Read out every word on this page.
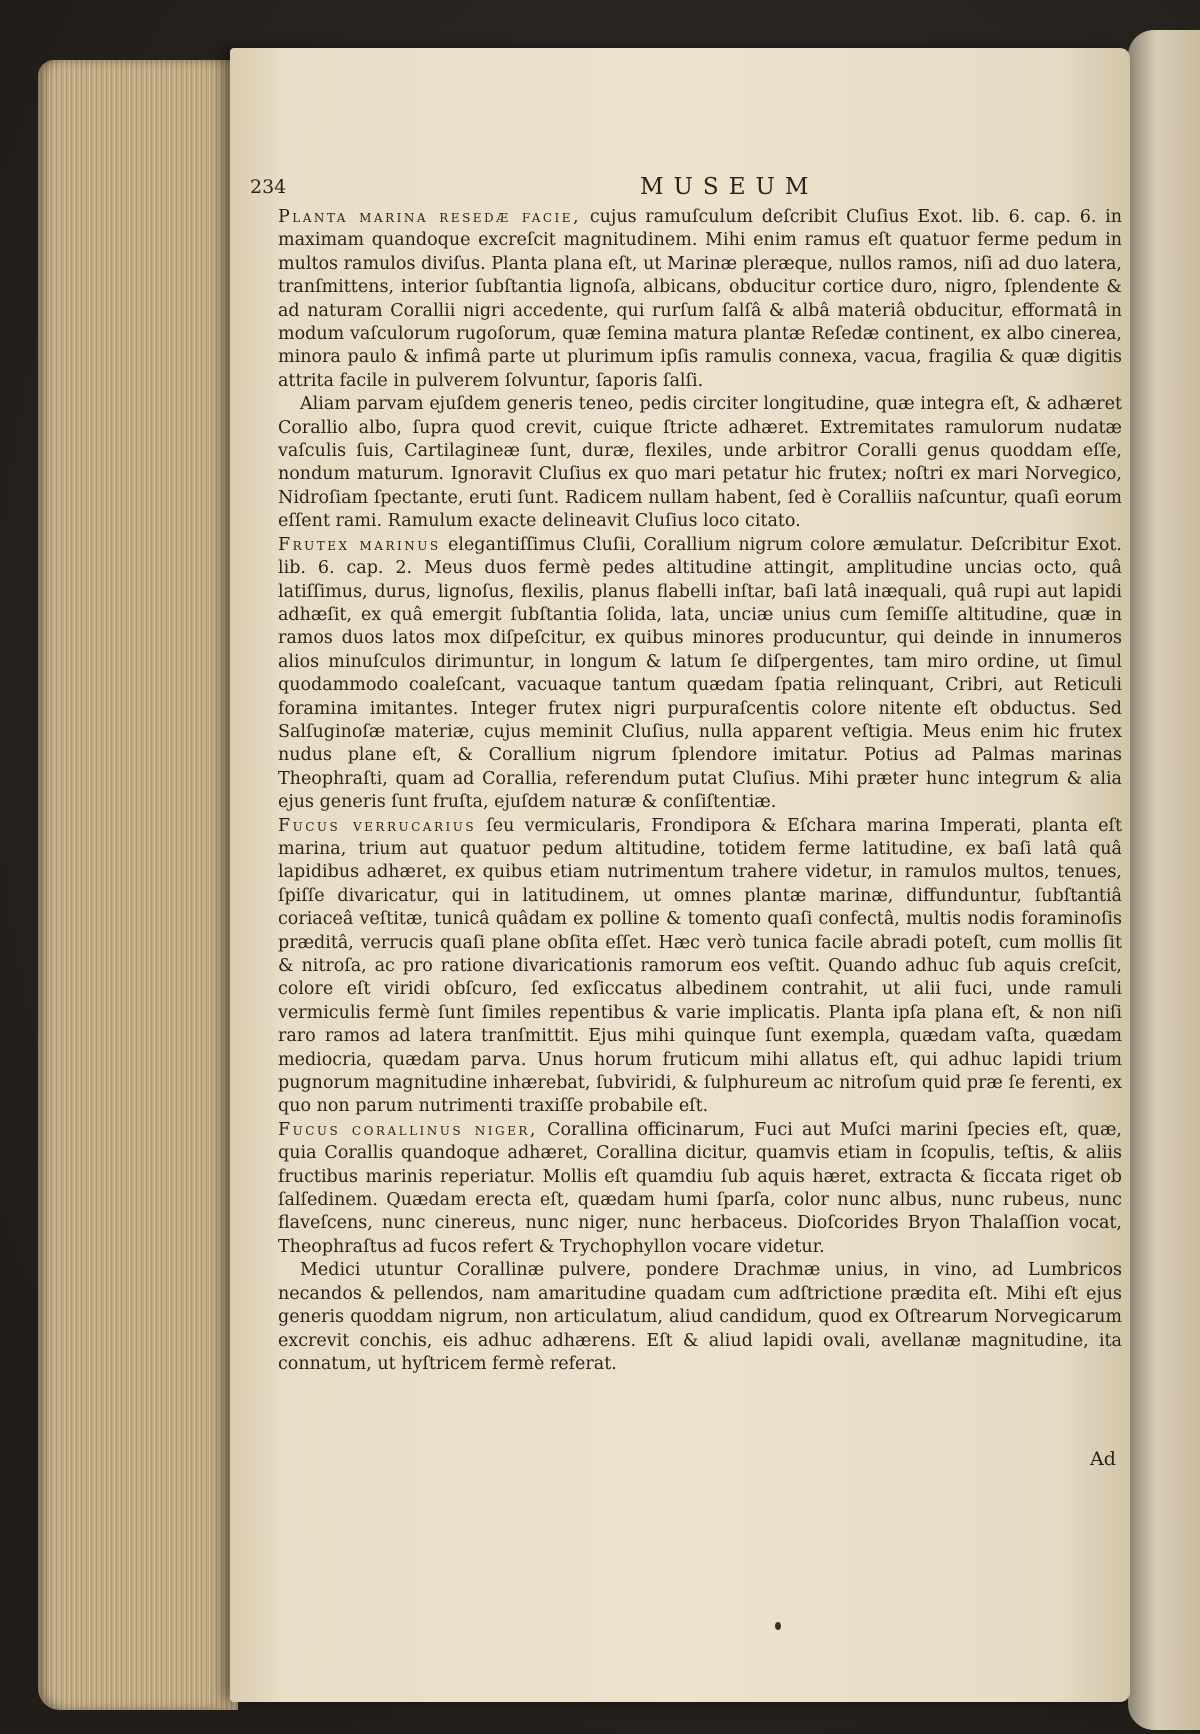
234	MUSEUM

Planta marina resedæ facie, cujus ramuſculum deſcribit Cluſius Exot. lib. 6. cap. 6. in maximam quandoque excreſcit magnitudinem. Mihi enim ramus eſt quatuor ferme pedum in multos ramulos diviſus. Planta plana eſt, ut Marinæ pleræque, nullos ramos, niſi ad duo latera, tranſmittens, interior ſubſtantia lignoſa, albicans, obducitur cortice duro, nigro, ſplendente & ad naturam Corallii nigri accedente, qui rurſum ſalſâ & albâ materiâ obducitur, efformatâ in modum vaſculorum rugoſorum, quæ ſemina matura plantæ Reſedæ continent, ex albo cinerea, minora paulo & infimâ parte ut plurimum ipſis ramulis connexa, vacua, fragilia & quæ digitis attrita facile in pulverem ſolvuntur, ſaporis ſalſi.

Aliam parvam ejuſdem generis teneo, pedis circiter longitudine, quæ integra eſt, & adhæret Corallio albo, ſupra quod crevit, cuique ſtricte adhæret. Extremitates ramulorum nudatæ vaſculis ſuis, Cartilagineæ ſunt, duræ, flexiles, unde arbitror Coralli genus quoddam eſſe, nondum maturum. Ignoravit Cluſius ex quo mari petatur hic frutex; noſtri ex mari Norvegico, Nidroſiam ſpectante, eruti ſunt. Radicem nullam habent, ſed è Coralliis naſcuntur, quaſi eorum eſſent rami. Ramulum exacte delineavit Cluſius loco citato.

Frutex marinus elegantiſſimus Cluſii, Corallium nigrum colore æmulatur. Deſcribitur Exot. lib. 6. cap. 2. Meus duos fermè pedes altitudine attingit, amplitudine uncias octo, quâ latiſſimus, durus, lignoſus, flexilis, planus flabelli inſtar, baſi latâ inæquali, quâ rupi aut lapidi adhæſit, ex quâ emergit ſubſtantia ſolida, lata, unciæ unius cum ſemiſſe altitudine, quæ in ramos duos latos mox diſpeſcitur, ex quibus minores producuntur, qui deinde in innumeros alios minuſculos dirimuntur, in longum & latum ſe diſpergentes, tam miro ordine, ut ſimul quodammodo coaleſcant, vacuaque tantum quædam ſpatia relinquant, Cribri, aut Reticuli foramina imitantes. Integer frutex nigri purpuraſcentis colore nitente eſt obductus. Sed Salſuginoſæ materiæ, cujus meminit Cluſius, nulla apparent veſtigia. Meus enim hic frutex nudus plane eſt, & Corallium nigrum ſplendore imitatur. Potius ad Palmas marinas Theophraſti, quam ad Corallia, referendum putat Cluſius. Mihi præter hunc integrum & alia ejus generis ſunt fruſta, ejuſdem naturæ & conſiſtentiæ.

Fucus verrucarius ſeu vermicularis, Frondipora & Eſchara marina Imperati, planta eſt marina, trium aut quatuor pedum altitudine, totidem ferme latitudine, ex baſi latâ quâ lapidibus adhæret, ex quibus etiam nutrimentum trahere videtur, in ramulos multos, tenues, ſpiſſe divaricatur, qui in latitudinem, ut omnes plantæ marinæ, diffunduntur, ſubſtantiâ coriaceâ veſtitæ, tunicâ quâdam ex polline & tomento quaſi confectâ, multis nodis foraminoſis præditâ, verrucis quaſi plane obſita eſſet. Hæc verò tunica facile abradi poteſt, cum mollis ſit & nitroſa, ac pro ratione divaricationis ramorum eos veſtit. Quando adhuc ſub aquis creſcit, colore eſt viridi obſcuro, ſed exſiccatus albedinem contrahit, ut alii fuci, unde ramuli vermiculis fermè ſunt ſimiles repentibus & varie implicatis. Planta ipſa plana eſt, & non niſi raro ramos ad latera tranſmittit. Ejus mihi quinque ſunt exempla, quædam vaſta, quædam mediocria, quædam parva. Unus horum fruticum mihi allatus eſt, qui adhuc lapidi trium pugnorum magnitudine inhærebat, ſubviridi, & ſulphureum ac nitroſum quid præ ſe ferenti, ex quo non parum nutrimenti traxiſſe probabile eſt.

Fucus corallinus niger, Corallina officinarum, Fuci aut Muſci marini ſpecies eſt, quæ, quia Corallis quandoque adhæret, Corallina dicitur, quamvis etiam in ſcopulis, teſtis, & aliis fructibus marinis reperiatur. Mollis eſt quamdiu ſub aquis hæret, extracta & ſiccata riget ob ſalſedinem. Quædam erecta eſt, quædam humi ſparſa, color nunc albus, nunc rubeus, nunc flaveſcens, nunc cinereus, nunc niger, nunc herbaceus. Dioſcorides Bryon Thalaſſion vocat, Theophraſtus ad fucos refert & Trychophyllon vocare videtur.

Medici utuntur Corallinæ pulvere, pondere Drachmæ unius, in vino, ad Lumbricos necandos & pellendos, nam amaritudine quadam cum adſtrictione prædita eſt. Mihi eſt ejus generis quoddam nigrum, non articulatum, aliud candidum, quod ex Oſtrearum Norvegicarum excrevit conchis, eis adhuc adhærens. Eſt & aliud lapidi ovali, avellanæ magnitudine, ita connatum, ut hyſtricem fermè referat.

Ad
